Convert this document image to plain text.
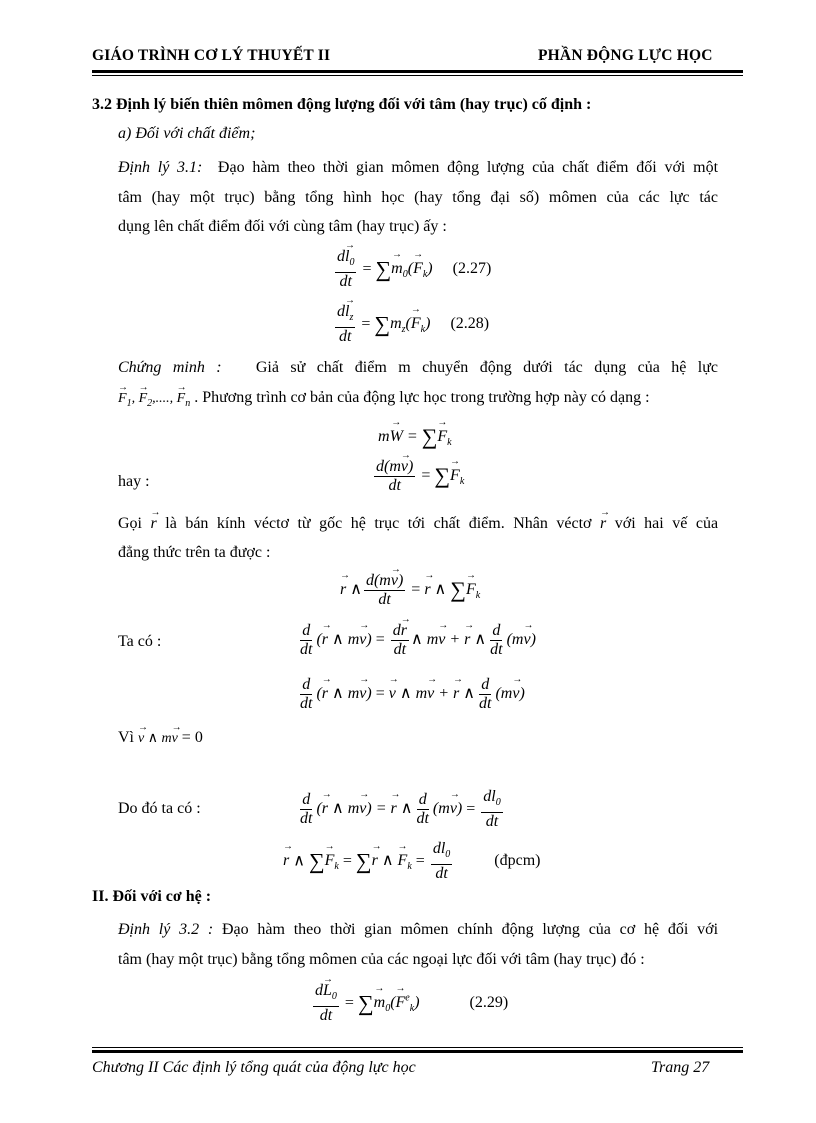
GIÁO TRÌNH CƠ LÝ THUYẾT II	PHẦN ĐỘNG LỰC HỌC
3.2 Định lý biến thiên mômen động lượng đối với tâm (hay trục) cố định :
a) Đối với chất điểm;
Định lý 3.1: Đạo hàm theo thời gian mômen động lượng của chất điểm đối với một
tâm (hay một trục) bằng tổng hình học (hay tổng đại số) mômen của các lực tác
dụng lên chất điểm đối với cùng tâm (hay trục) ấy :
$\frac{d\to l_0}{dt}$ = ∑→ $m_0(\to F_k)$ (2.27)
$\frac{d\to l_z}{dt} = \sum m_z(\to F_k)$ (2.28)
Chứng minh : Giả sử chất điểm m chuyển động dưới tác dụng của hệ lực
→ $F_1$, → $F_2$,...., → $F_n$ . Phương trình cơ bản của động lực học trong trường hợp này có dạng :
m→ W = ∑→ $F_k$
hay :	$\frac{d(m\to v)}{dt}$ = ∑→ $F_k$
Gọi → r là bán kính véctơ từ gốc hệ trục tới chất điểm. Nhân véctơ → r với hai vế của
đẳng thức trên ta được :
→ r ∧ $\frac{d(m\to v)}{dt}$ = → r ∧ ∑→ $F_k$
Ta có :	$\frac{d}{dt}$ (→ r ∧ $m\to v) = \frac{d\to r}{dt}$ ∧ m→ v + → r ∧ $\frac{d}{dt} (m\to v)$
$\frac{d}{dt}$ (→ r ∧ m→ v) = → v ∧ m→ v + → r ∧ $\frac{d}{dt} (m\to v)$
Vì → v ∧ m→ v = 0
Do đó ta có :	$\frac{d}{dt}$ (→ r ∧ m→ v) = → r ∧ $\frac{d}{dt} (m\to v) = \frac{dl_0}{dt}$
→ r ∧ ∑→ $F_k$ = ∑→ r ∧ → $F_k = \frac{dl_0}{dt}$	(đpcm)
II. Đối với cơ hệ :
Định lý 3.2 : Đạo hàm theo thời gian mômen chính động lượng của cơ hệ đối với
tâm (hay một trục) bằng tổng mômen của các ngoại lực đối với tâm (hay trục) đó :
$\frac{d\to L_0}{dt}$ = ∑→ $m_0(\to F^e_k)$	(2.29)
Chương II Các định lý tổng quát của động lực học	Trang 27
